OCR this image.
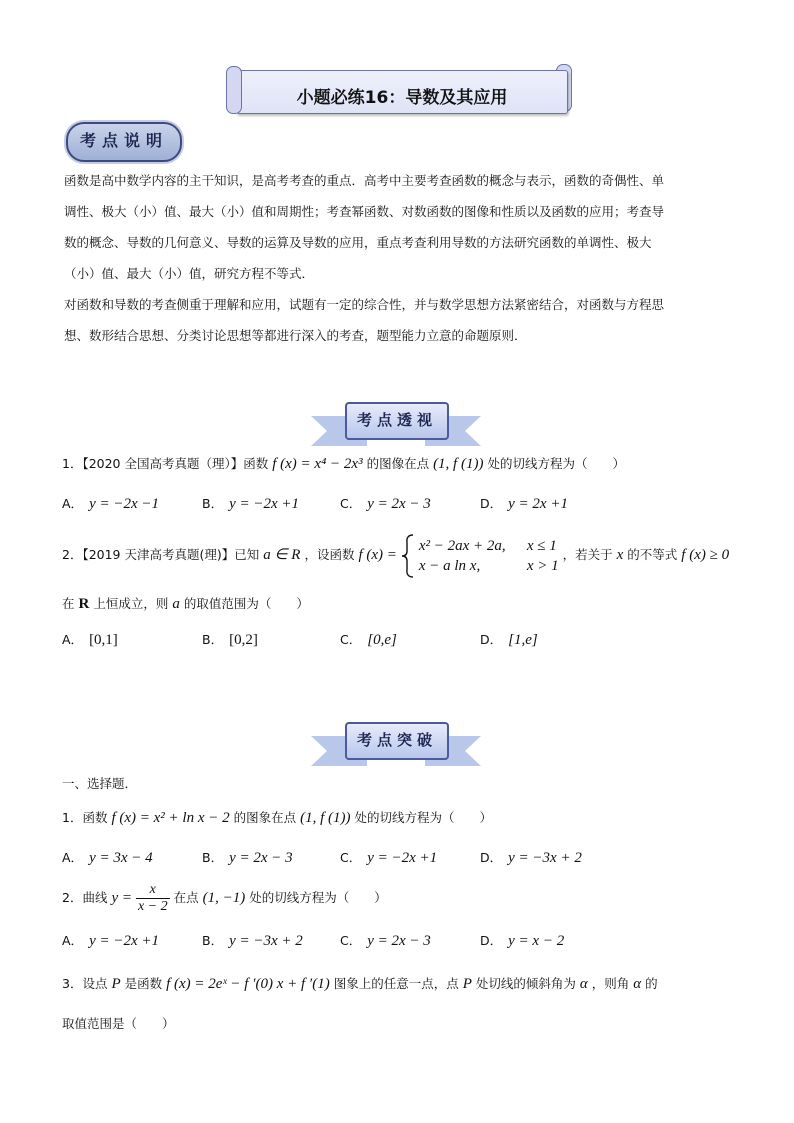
小题必练16：导数及其应用
考点说明
函数是高中数学内容的主干知识，是高考考查的重点．高考中主要考查函数的概念与表示，函数的奇偶性、单
调性、极大（小）值、最大（小）值和周期性；考查幂函数、对数函数的图像和性质以及函数的应用；考查导
数的概念、导数的几何意义、导数的运算及导数的应用，重点考查利用导数的方法研究函数的单调性、极大
（小）值、最大（小）值，研究方程不等式．
对函数和导数的考查侧重于理解和应用，试题有一定的综合性，并与数学思想方法紧密结合，对函数与方程思
想、数形结合思想、分类讨论思想等都进行深入的考查，题型能力立意的命题原则．
考点透视
1．【2020 全国高考真题（理）】函数 f (x) = x⁴ − 2x³ 的图像在点 (1, f (1)) 处的切线方程为（　　）
A． y = −2x −1	B． y = −2x +1	C． y = 2x − 3	D． y = 2x +1
2．【2019 天津高考真题(理)】已知 a ∈ R ，设函数 f (x) =
x² − 2ax + 2a, x ≤ 1
x − a ln x,	x > 1
，若关于 x 的不等式 f (x) ≥ 0
在 R 上恒成立，则 a 的取值范围为（　　）
A． [0,1]	B． [0,2]	C． [0,e]	D． [1,e]
考点突破
一、选择题．
1．函数 f (x) = x² + ln x − 2 的图象在点 (1, f (1)) 处的切线方程为（　　）
A． y = 3x − 4	B． y = 2x − 3	C． y = −2x +1	D． y = −3x + 2
2．曲线 $y = \frac{x}{x - 2}$ 在点 (1, −1) 处的切线方程为（　　）
A． y = −2x +1	B． y = −3x + 2	C． y = 2x − 3	D． y = x − 2
3．设点 P 是函数 f (x) = 2eˣ − f ′(0) x + f ′(1) 图象上的任意一点，点 P 处切线的倾斜角为 α ，则角 α 的
取值范围是（　　）
